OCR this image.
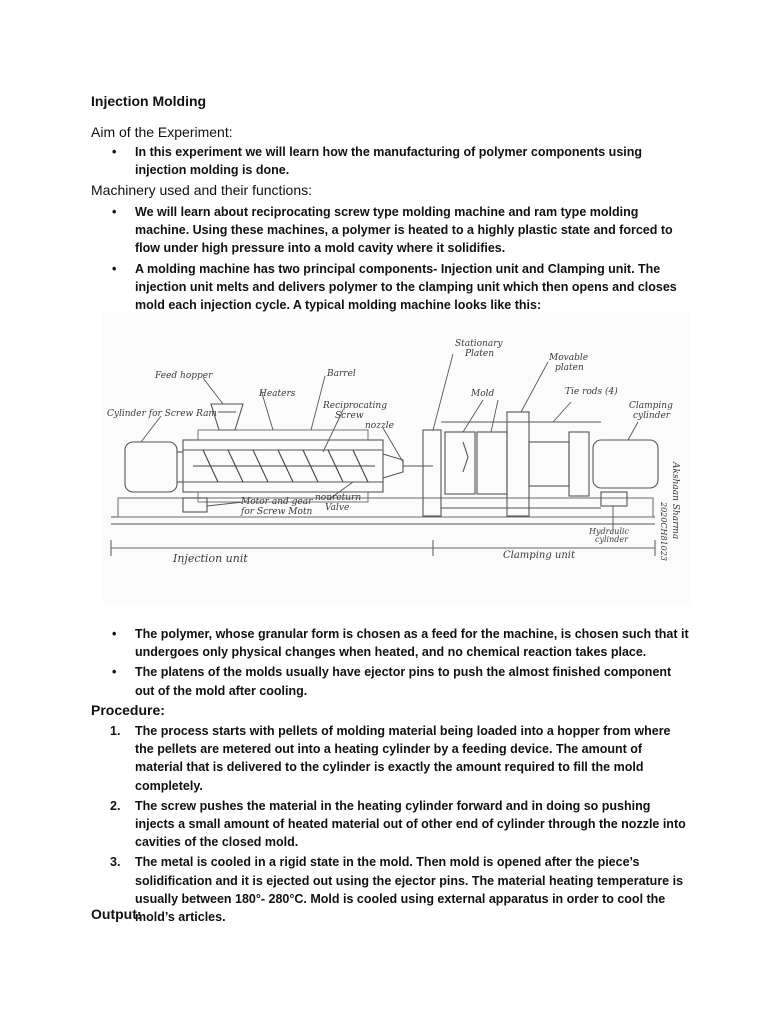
Injection Molding
Aim of the Experiment:
• In this experiment we will learn how the manufacturing of polymer components using injection molding is done.
Machinery used and their functions:
• We will learn about reciprocating screw type molding machine and ram type molding machine. Using these machines, a polymer is heated to a highly plastic state and forced to flow under high pressure into a mold cavity where it solidifies.
• A molding machine has two principal components- Injection unit and Clamping unit. The injection unit melts and delivers polymer to the clamping unit which then opens and closes mold each injection cycle. A typical molding machine looks like this:
Feed hopper
Heaters
Barrel
Reciprocating
Screw
nozzle
Cylinder for Screw Ram
Motor and gear
for Screw Motn
nonreturn
Valve
Stationary
Platen
Mold
Movable
platen
Tie rods (4)
Clamping
cylinder
Hydraulic
cylinder
Injection unit	Clamping unit
Akshaan Sharma
2020CH81023
• The polymer, whose granular form is chosen as a feed for the machine, is chosen such that it undergoes only physical changes when heated, and no chemical reaction takes place.
• The platens of the molds usually have ejector pins to push the almost finished component out of the mold after cooling.
Procedure:
1. The process starts with pellets of molding material being loaded into a hopper from where the pellets are metered out into a heating cylinder by a feeding device. The amount of material that is delivered to the cylinder is exactly the amount required to fill the mold completely.
2. The screw pushes the material in the heating cylinder forward and in doing so pushing injects a small amount of heated material out of other end of cylinder through the nozzle into cavities of the closed mold.
3. The metal is cooled in a rigid state in the mold. Then mold is opened after the piece’s solidification and it is ejected out using the ejector pins. The material heating temperature is usually between 180°- 280°C. Mold is cooled using external apparatus in order to cool the mold’s articles.
Output:
